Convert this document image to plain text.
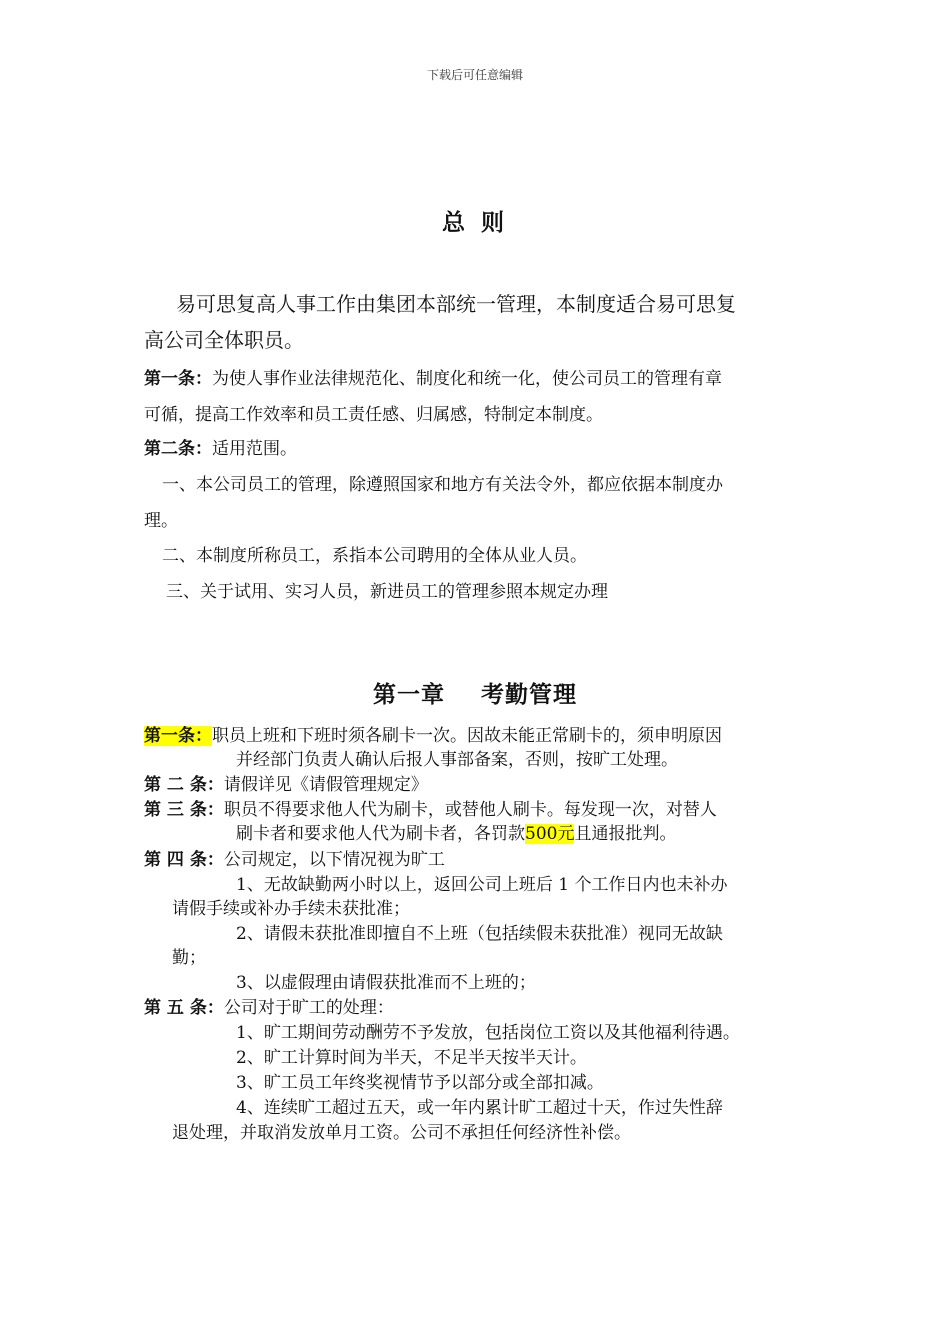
下载后可任意编辑
总 则
易可思复高人事工作由集团本部统一管理，本制度适合易可思复
高公司全体职员。
第一条：为使人事作业法律规范化、制度化和统一化，使公司员工的管理有章
可循，提高工作效率和员工责任感、归属感，特制定本制度。
第二条：适用范围。
一、本公司员工的管理，除遵照国家和地方有关法令外，都应依据本制度办
理。
二、本制度所称员工，系指本公司聘用的全体从业人员。
三、关于试用、实习人员，新进员工的管理参照本规定办理
第一章    考勤管理
第一条：职员上班和下班时须各刷卡一次。因故未能正常刷卡的，须申明原因
并经部门负责人确认后报人事部备案，否则，按旷工处理。
第 二 条：请假详见《请假管理规定》
第 三 条：职员不得要求他人代为刷卡，或替他人刷卡。每发现一次，对替人
刷卡者和要求他人代为刷卡者，各罚款500元且通报批判。
第 四 条：公司规定，以下情况视为旷工
1、无故缺勤两小时以上，返回公司上班后 1 个工作日内也未补办
请假手续或补办手续未获批准；
2、请假未获批准即擅自不上班（包括续假未获批准）视同无故缺
勤；
3、以虚假理由请假获批准而不上班的；
第 五 条：公司对于旷工的处理：
1、旷工期间劳动酬劳不予发放，包括岗位工资以及其他福利待遇。
2、旷工计算时间为半天，不足半天按半天计。
3、旷工员工年终奖视情节予以部分或全部扣减。
4、连续旷工超过五天，或一年内累计旷工超过十天，作过失性辞
退处理，并取消发放单月工资。公司不承担任何经济性补偿。
